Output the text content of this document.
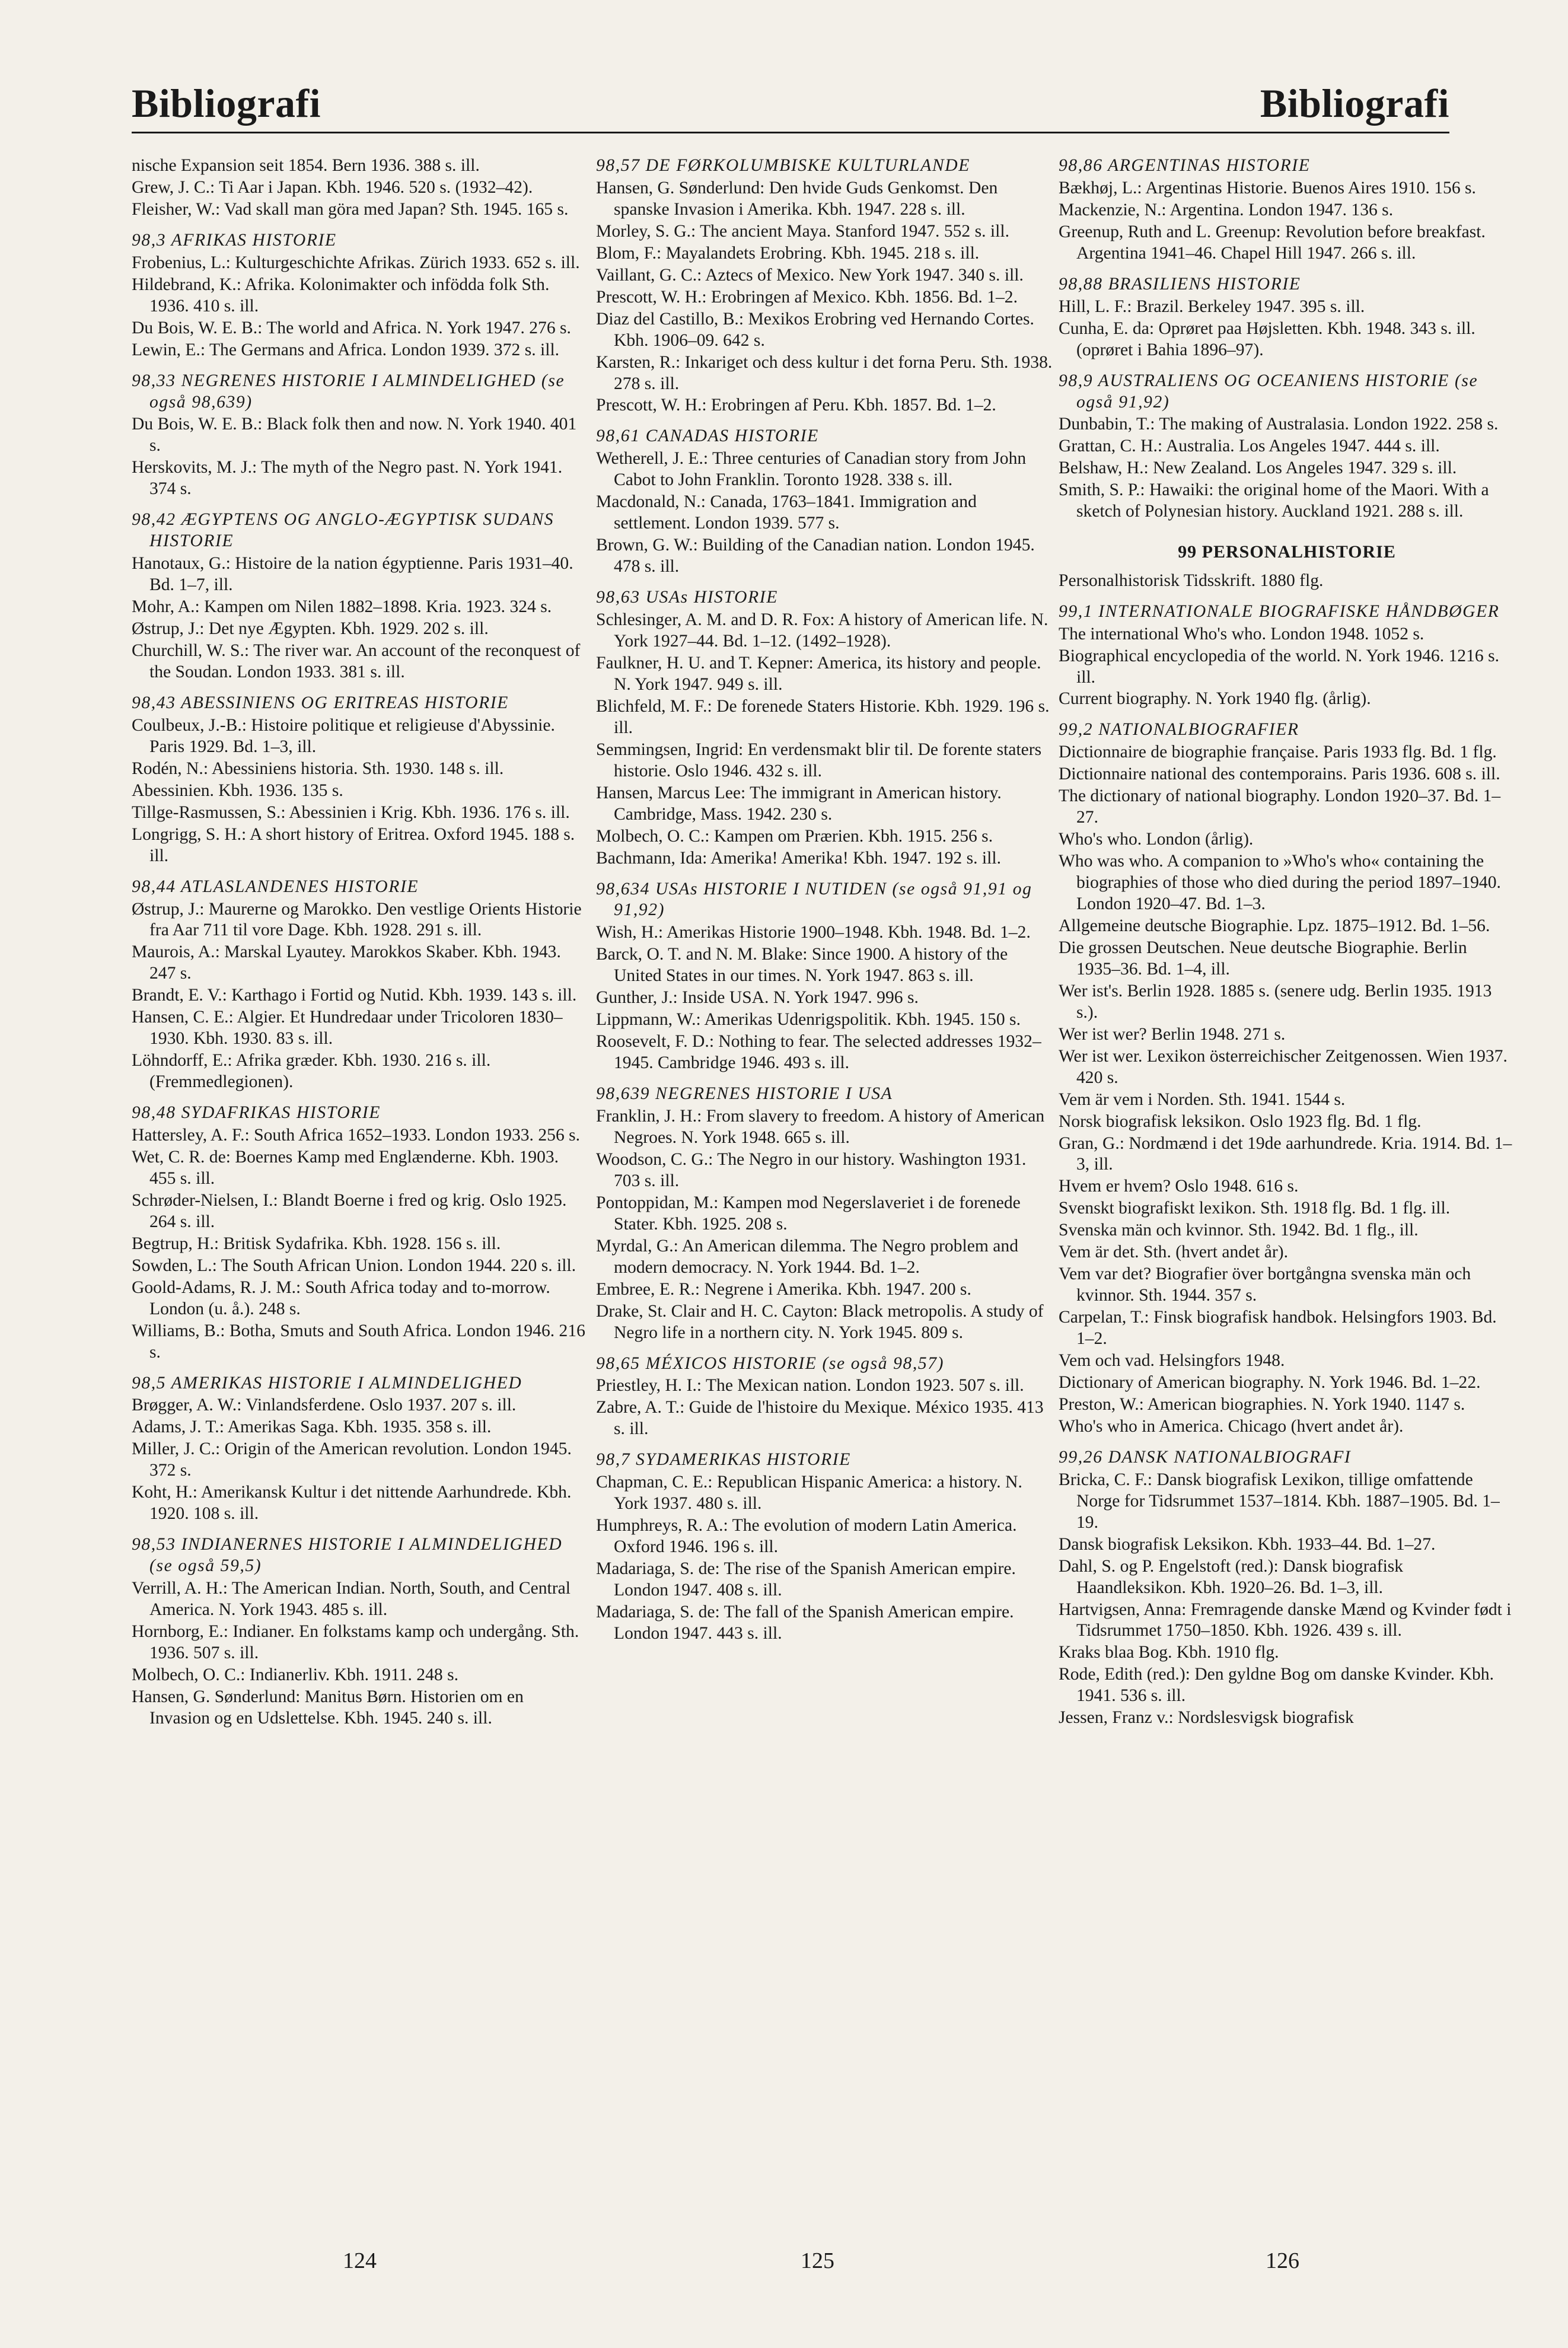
Bibliografi	Bibliografi
nische Expansion seit 1854. Bern 1936. 388 s. ill.
Grew, J. C.: Ti Aar i Japan. Kbh. 1946. 520 s. (1932–42).
Fleisher, W.: Vad skall man göra med Japan? Sth. 1945. 165 s.
98,3 AFRIKAS HISTORIE
Frobenius, L.: Kulturgeschichte Afrikas. Zürich 1933. 652 s. ill.
Hildebrand, K.: Afrika. Kolonimakter och infödda folk Sth. 1936. 410 s. ill.
Du Bois, W. E. B.: The world and Africa. N. York 1947. 276 s.
Lewin, E.: The Germans and Africa. London 1939. 372 s. ill.
98,33 NEGRENES HISTORIE I ALMINDELIGHED (se også 98,639)
Du Bois, W. E. B.: Black folk then and now. N. York 1940. 401 s.
Herskovits, M. J.: The myth of the Negro past. N. York 1941. 374 s.
98,42 ÆGYPTENS OG ANGLO-ÆGYPTISK SUDANS HISTORIE
Hanotaux, G.: Histoire de la nation égyptienne. Paris 1931–40. Bd. 1–7, ill.
Mohr, A.: Kampen om Nilen 1882–1898. Kria. 1923. 324 s.
Østrup, J.: Det nye Ægypten. Kbh. 1929. 202 s. ill.
Churchill, W. S.: The river war. An account of the reconquest of the Soudan. London 1933. 381 s. ill.
98,43 ABESSINIENS OG ERITREAS HISTORIE
Coulbeux, J.-B.: Histoire politique et religieuse d'Abyssinie. Paris 1929. Bd. 1–3, ill.
Rodén, N.: Abessiniens historia. Sth. 1930. 148 s. ill.
Abessinien. Kbh. 1936. 135 s.
Tillge-Rasmussen, S.: Abessinien i Krig. Kbh. 1936. 176 s. ill.
Longrigg, S. H.: A short history of Eritrea. Oxford 1945. 188 s. ill.
98,44 ATLASLANDENES HISTORIE
Østrup, J.: Maurerne og Marokko. Den vestlige Orients Historie fra Aar 711 til vore Dage. Kbh. 1928. 291 s. ill.
Maurois, A.: Marskal Lyautey. Marokkos Skaber. Kbh. 1943. 247 s.
Brandt, E. V.: Karthago i Fortid og Nutid. Kbh. 1939. 143 s. ill.
Hansen, C. E.: Algier. Et Hundredaar under Tricoloren 1830–1930. Kbh. 1930. 83 s. ill.
Löhndorff, E.: Afrika græder. Kbh. 1930. 216 s. ill. (Fremmedlegionen).
98,48 SYDAFRIKAS HISTORIE
Hattersley, A. F.: South Africa 1652–1933. London 1933. 256 s.
Wet, C. R. de: Boernes Kamp med Englænderne. Kbh. 1903. 455 s. ill.
Schrøder-Nielsen, I.: Blandt Boerne i fred og krig. Oslo 1925. 264 s. ill.
Begtrup, H.: Britisk Sydafrika. Kbh. 1928. 156 s. ill.
Sowden, L.: The South African Union. London 1944. 220 s. ill.
Goold-Adams, R. J. M.: South Africa today and to-morrow. London (u. å.). 248 s.
Williams, B.: Botha, Smuts and South Africa. London 1946. 216 s.
98,5 AMERIKAS HISTORIE I ALMINDELIGHED
Brøgger, A. W.: Vinlandsferdene. Oslo 1937. 207 s. ill.
Adams, J. T.: Amerikas Saga. Kbh. 1935. 358 s. ill.
Miller, J. C.: Origin of the American revolution. London 1945. 372 s.
Koht, H.: Amerikansk Kultur i det nittende Aarhundrede. Kbh. 1920. 108 s. ill.
98,53 INDIANERNES HISTORIE I ALMINDELIGHED (se også 59,5)
Verrill, A. H.: The American Indian. North, South, and Central America. N. York 1943. 485 s. ill.
Hornborg, E.: Indianer. En folkstams kamp och undergång. Sth. 1936. 507 s. ill.
Molbech, O. C.: Indianerliv. Kbh. 1911. 248 s.
Hansen, G. Sønderlund: Manitus Børn. Historien om en Invasion og en Udslettelse. Kbh. 1945. 240 s. ill.
98,57 DE FØRKOLUMBISKE KULTURLANDE
Hansen, G. Sønderlund: Den hvide Guds Genkomst. Den spanske Invasion i Amerika. Kbh. 1947. 228 s. ill.
Morley, S. G.: The ancient Maya. Stanford 1947. 552 s. ill.
Blom, F.: Mayalandets Erobring. Kbh. 1945. 218 s. ill.
Vaillant, G. C.: Aztecs of Mexico. New York 1947. 340 s. ill.
Prescott, W. H.: Erobringen af Mexico. Kbh. 1856. Bd. 1–2.
Diaz del Castillo, B.: Mexikos Erobring ved Hernando Cortes. Kbh. 1906–09. 642 s.
Karsten, R.: Inkariget och dess kultur i det forna Peru. Sth. 1938. 278 s. ill.
Prescott, W. H.: Erobringen af Peru. Kbh. 1857. Bd. 1–2.
98,61 CANADAS HISTORIE
Wetherell, J. E.: Three centuries of Canadian story from John Cabot to John Franklin. Toronto 1928. 338 s. ill.
Macdonald, N.: Canada, 1763–1841. Immigration and settlement. London 1939. 577 s.
Brown, G. W.: Building of the Canadian nation. London 1945. 478 s. ill.
98,63 USAs HISTORIE
Schlesinger, A. M. and D. R. Fox: A history of American life. N. York 1927–44. Bd. 1–12. (1492–1928).
Faulkner, H. U. and T. Kepner: America, its history and people. N. York 1947. 949 s. ill.
Blichfeld, M. F.: De forenede Staters Historie. Kbh. 1929. 196 s. ill.
Semmingsen, Ingrid: En verdensmakt blir til. De forente staters historie. Oslo 1946. 432 s. ill.
Hansen, Marcus Lee: The immigrant in American history. Cambridge, Mass. 1942. 230 s.
Molbech, O. C.: Kampen om Prærien. Kbh. 1915. 256 s.
Bachmann, Ida: Amerika! Amerika! Kbh. 1947. 192 s. ill.
98,634 USAs HISTORIE I NUTIDEN (se også 91,91 og 91,92)
Wish, H.: Amerikas Historie 1900–1948. Kbh. 1948. Bd. 1–2.
Barck, O. T. and N. M. Blake: Since 1900. A history of the United States in our times. N. York 1947. 863 s. ill.
Gunther, J.: Inside USA. N. York 1947. 996 s.
Lippmann, W.: Amerikas Udenrigspolitik. Kbh. 1945. 150 s.
Roosevelt, F. D.: Nothing to fear. The selected addresses 1932–1945. Cambridge 1946. 493 s. ill.
98,639 NEGRENES HISTORIE I USA
Franklin, J. H.: From slavery to freedom. A history of American Negroes. N. York 1948. 665 s. ill.
Woodson, C. G.: The Negro in our history. Washington 1931. 703 s. ill.
Pontoppidan, M.: Kampen mod Negerslaveriet i de forenede Stater. Kbh. 1925. 208 s.
Myrdal, G.: An American dilemma. The Negro problem and modern democracy. N. York 1944. Bd. 1–2.
Embree, E. R.: Negrene i Amerika. Kbh. 1947. 200 s.
Drake, St. Clair and H. C. Cayton: Black metropolis. A study of Negro life in a northern city. N. York 1945. 809 s.
98,65 MÉXICOS HISTORIE (se også 98,57)
Priestley, H. I.: The Mexican nation. London 1923. 507 s. ill.
Zabre, A. T.: Guide de l'histoire du Mexique. México 1935. 413 s. ill.
98,7 SYDAMERIKAS HISTORIE
Chapman, C. E.: Republican Hispanic America: a history. N. York 1937. 480 s. ill.
Humphreys, R. A.: The evolution of modern Latin America. Oxford 1946. 196 s. ill.
Madariaga, S. de: The rise of the Spanish American empire. London 1947. 408 s. ill.
Madariaga, S. de: The fall of the Spanish American empire. London 1947. 443 s. ill.
98,86 ARGENTINAS HISTORIE
Bækhøj, L.: Argentinas Historie. Buenos Aires 1910. 156 s.
Mackenzie, N.: Argentina. London 1947. 136 s.
Greenup, Ruth and L. Greenup: Revolution before breakfast. Argentina 1941–46. Chapel Hill 1947. 266 s. ill.
98,88 BRASILIENS HISTORIE
Hill, L. F.: Brazil. Berkeley 1947. 395 s. ill.
Cunha, E. da: Oprøret paa Højsletten. Kbh. 1948. 343 s. ill. (oprøret i Bahia 1896–97).
98,9 AUSTRALIENS OG OCEANIENS HISTORIE (se også 91,92)
Dunbabin, T.: The making of Australasia. London 1922. 258 s.
Grattan, C. H.: Australia. Los Angeles 1947. 444 s. ill.
Belshaw, H.: New Zealand. Los Angeles 1947. 329 s. ill.
Smith, S. P.: Hawaiki: the original home of the Maori. With a sketch of Polynesian history. Auckland 1921. 288 s. ill.
99 PERSONALHISTORIE
Personalhistorisk Tidsskrift. 1880 flg.
99,1 INTERNATIONALE BIOGRAFISKE HÅNDBØGER
The international Who's who. London 1948. 1052 s.
Biographical encyclopedia of the world. N. York 1946. 1216 s. ill.
Current biography. N. York 1940 flg. (årlig).
99,2 NATIONALBIOGRAFIER
Dictionnaire de biographie française. Paris 1933 flg. Bd. 1 flg.
Dictionnaire national des contemporains. Paris 1936. 608 s. ill.
The dictionary of national biography. London 1920–37. Bd. 1–27.
Who's who. London (årlig).
Who was who. A companion to »Who's who« containing the biographies of those who died during the period 1897–1940. London 1920–47. Bd. 1–3.
Allgemeine deutsche Biographie. Lpz. 1875–1912. Bd. 1–56.
Die grossen Deutschen. Neue deutsche Biographie. Berlin 1935–36. Bd. 1–4, ill.
Wer ist's. Berlin 1928. 1885 s. (senere udg. Berlin 1935. 1913 s.).
Wer ist wer? Berlin 1948. 271 s.
Wer ist wer. Lexikon österreichischer Zeitgenossen. Wien 1937. 420 s.
Vem är vem i Norden. Sth. 1941. 1544 s.
Norsk biografisk leksikon. Oslo 1923 flg. Bd. 1 flg.
Gran, G.: Nordmænd i det 19de aarhundrede. Kria. 1914. Bd. 1–3, ill.
Hvem er hvem? Oslo 1948. 616 s.
Svenskt biografiskt lexikon. Sth. 1918 flg. Bd. 1 flg. ill.
Svenska män och kvinnor. Sth. 1942. Bd. 1 flg., ill.
Vem är det. Sth. (hvert andet år).
Vem var det? Biografier över bortgångna svenska män och kvinnor. Sth. 1944. 357 s.
Carpelan, T.: Finsk biografisk handbok. Helsingfors 1903. Bd. 1–2.
Vem och vad. Helsingfors 1948.
Dictionary of American biography. N. York 1946. Bd. 1–22.
Preston, W.: American biographies. N. York 1940. 1147 s.
Who's who in America. Chicago (hvert andet år).
99,26 DANSK NATIONALBIOGRAFI
Bricka, C. F.: Dansk biografisk Lexikon, tillige omfattende Norge for Tidsrummet 1537–1814. Kbh. 1887–1905. Bd. 1–19.
Dansk biografisk Leksikon. Kbh. 1933–44. Bd. 1–27.
Dahl, S. og P. Engelstoft (red.): Dansk biografisk Haandleksikon. Kbh. 1920–26. Bd. 1–3, ill.
Hartvigsen, Anna: Fremragende danske Mænd og Kvinder født i Tidsrummet 1750–1850. Kbh. 1926. 439 s. ill.
Kraks blaa Bog. Kbh. 1910 flg.
Rode, Edith (red.): Den gyldne Bog om danske Kvinder. Kbh. 1941. 536 s. ill.
Jessen, Franz v.: Nordslesvigsk biografisk
124	125	126
